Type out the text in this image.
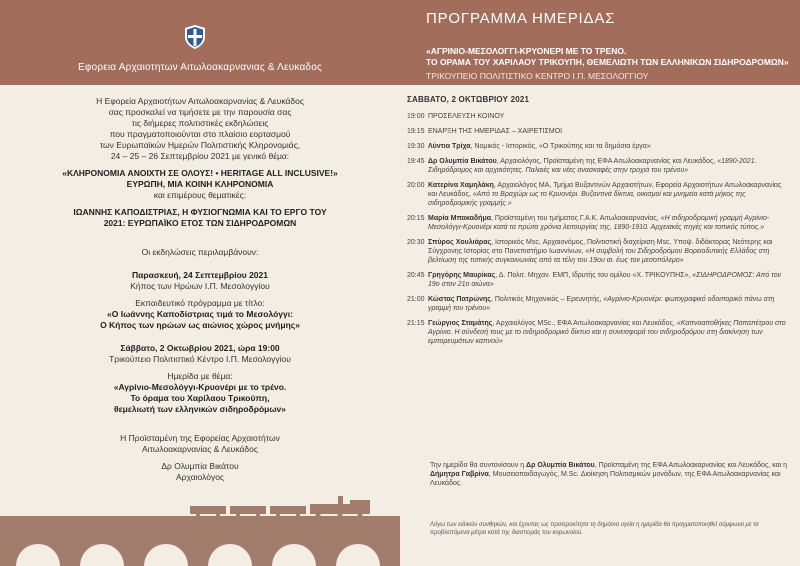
Εφορεια Αρχαιοτητων Αιτωλοακαρνανιας & Λευκαδος
ΠΡΟΓΡΑΜΜΑ ΗΜΕΡΙΔΑΣ
«ΑΓΡΙΝΙΟ-ΜΕΣΟΛΟΓΓΙ-ΚΡΥΟΝΕΡΙ ΜΕ ΤΟ ΤΡΕΝΟ.
ΤΟ ΟΡΑΜΑ ΤΟΥ ΧΑΡΙΛΑΟΥ ΤΡΙΚΟΥΠΗ, ΘΕΜΕΛΙΩΤΗ ΤΩΝ ΕΛΛΗΝΙΚΩΝ ΣΙΔΗΡΟΔΡΟΜΩΝ»
ΤΡΙΚΟΥΠΕΙΟ ΠΟΛΙΤΙΣΤΙΚΟ ΚΕΝΤΡΟ Ι.Π. ΜΕΣΟΛΟΓΓΙΟΥ

Η Εφορεία Αρχαιοτήτων Αιτωλοακαρνανίας & Λευκάδος

σας προσκαλεί να τιμήσετε με την παρουσία σας

τις διήμερες πολιτιστικές εκδηλώσεις

που πραγματοποιούνται στο πλαίσιο εορτασμού

των Ευρωπαϊκών Ημερών Πολιτιστικής Κληρονομιάς,

24 – 25 – 26 Σεπτεμβρίου 2021 με γενικό θέμα:

«ΚΛΗΡΟΝΟΜΙΑ ΑΝΟΙΧΤΗ ΣΕ ΟΛΟΥΣ! • HERITAGE ALL INCLUSIVE!»

ΕΥΡΩΠΗ, ΜΙΑ ΚΟΙΝΗ ΚΛΗΡΟΝΟΜΙΑ

και επιμέρους θεματικές:

ΙΩΑΝΝΗΣ ΚΑΠΟΔΙΣΤΡΙΑΣ, Η ΦΥΣΙΟΓΝΩΜΙΑ ΚΑΙ ΤΟ ΕΡΓΟ ΤΟΥ

2021: ΕΥΡΩΠΑΪΚΟ ΕΤΟΣ ΤΩΝ ΣΙΔΗΡΟΔΡΟΜΩΝ

Οι εκδηλώσεις περιλαμβάνουν:

Παρασκευή, 24 Σεπτεμβρίου 2021

Κήπος των Ηρώων Ι.Π. Μεσολογγίου

Εκπαιδευτικό πρόγραμμα με τίτλο:

«Ο Ιωάννης Καποδίστριας τιμά το Μεσολόγγι:

Ο Κήπος των ηρώων ως αιώνιος χώρος μνήμης»

Σάββατο, 2 Οκτωβρίου 2021, ώρα 19:00

Τρικούπειο Πολιτιστικό Κέντρο Ι.Π. Μεσολογγίου

Ημερίδα με θέμα:

«Αγρίνιο-Μεσολόγγι-Κρυονέρι με το τρένο.

Το όραμα του Χαρίλαου Τρικούπη,

θεμελιωτή των ελληνικών σιδηροδρόμων»

Η Προϊσταμένη της Εφορείας Αρχαιοτήτων

Αιτωλοακαρνανίας & Λευκάδος

Δρ Ολυμπία Βικάτου

Αρχαιολόγος

ΣΑΒΒΑΤΟ, 2 ΟΚΤΩΒΡΙΟΥ 2021
19:00 ΠΡΟΣΕΛΕΥΣΗ ΚΟΙΝΟΥ
19:15 ΕΝΑΡΞΗ ΤΗΣ ΗΜΕΡΙΔΑΣ – ΧΑΙΡΕΤΙΣΜΟΙ
19:30 Λύντια Τρίχα, Νομικός - Ιστορικός, «Ο Τρικούπης και τα δημόσια έργα»
19:45 Δρ Ολυμπία Βικάτου, Αρχαιολόγος, Προϊσταμένη της ΕΦΑ Αιτωλοακαρνανίας και Λευκάδος, «1890-2021. Σιδηρόδρομος και αρχαιότητες. Παλαιές και νέες ανασκαφές στην τροχιά του τρένου»
20:00 Κατερίνα Χαμηλάκη, Αρχαιολόγος MA, Τμήμα Βυζαντινών Αρχαιοτήτων, Εφορεία Αρχαιοτήτων Αιτωλοακαρνανίας και Λευκάδος, «Από το Βραχώρι ως το Κρυονέρι. Βυζαντινά δίκτυα, οικισμοί και μνημεία κατά μήκος της σιδηροδρομικής γραμμής.»
20:15 Μαρία Μπακαδήμα, Προϊσταμένη του τμήματος Γ.Α.Κ. Αιτωλοακαρνανίας, «Η σιδηροδρομική γραμμή Αγρίνιο-Μεσολόγγι-Κρυονέρι κατά τα πρώτα χρόνια λειτουργίας της, 1890-1910. Αρχειακές πηγές και τοπικός τύπος.»
20:30 Σπύρος Χουλιάρας, Ιστορικός Msc, Αρχαιονόμος, Πολιτιστική διαχείριση Msc, Υποψ. διδάκτορας Νεότερης και Σύγχρονης Ιστορίας στο Πανεπιστήμιο Ιωαννίνων, «Η συμβολή του Σιδηροδρόμου Βορειοδυτικής Ελλάδος στη βελτίωση της τοπικής συγκοινωνίας από τα τέλη του 19ου αι. έως τον μεσοπόλεμο»
20:45 Γρηγόρης Μαυρίκας, Δ. Πολιτ. Μηχαν. ΕΜΠ, Ιδρυτής του ομίλου «Χ. ΤΡΙΚΟΥΠΗΣ», «ΣΙΔΗΡΟΔΡΟΜΟΣ: Από τον 19ο στον 21ο αιώνα»
21:00 Κώστας Πατρώνης, Πολιτικός Μηχανικός – Ερευνητής, «Αγρίνιο-Κρυονέρι: φωτογραφικό οδοιπορικό πάνω στη γραμμή του τρένου»
21:15 Γεώργιος Σταμάτης, Αρχαιολόγος MSc., ΕΦΑ Αιτωλοακαρνανίας και Λευκάδος, «Καπνοαποθήκες Παπαπέτρου στο Αγρίνιο. Η σύνδεσή τους με το σιδηροδρομικό δίκτυο και η συνεισφορά του σιδηροδρόμου στη διακίνηση των εμπορευμάτων καπνού»
Την ημερίδα θα συντονίσουν η Δρ Ολυμπία Βικάτου, Προϊσταμένη της ΕΦΑ Αιτωλοακαρνανίας και Λευκάδος, και η Δήμητρα Γαβρίνα, Μουσειοπαιδαγωγός, M.Sc. Διοίκηση Πολιτισμικών μονάδων, της ΕΦΑ Αιτωλοακαρνανίας και Λευκάδος.
Λόγω των ειδικών συνθηκών, και έχοντας ως προτεραιότητα τη δημόσια υγεία η ημερίδα θα πραγματοποιηθεί σύμφωνα με τα προβλεπόμενα μέτρα κατά της διασποράς του κορωνοϊού.
